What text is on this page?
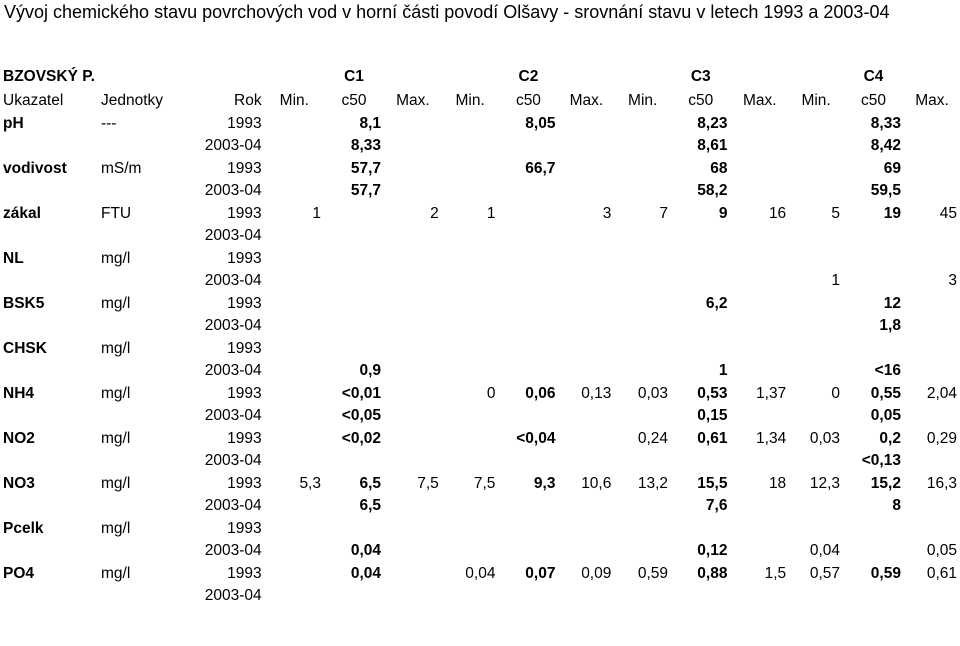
Vývoj chemického stavu povrchových vod v horní části povodí Olšavy - srovnání stavu v letech 1993 a 2003-04
BZOVSKÝ P.				C1			C2			C3			C4	
Ukazatel	Jednotky	Rok	Min.	c50	Max.	Min.	c50	Max.	Min.	c50	Max.	Min.	c50	Max.
pH	---	1993		8,1			8,05			8,23			8,33	
		2003-04		8,33						8,61			8,42	
vodivost	mS/m	1993		57,7			66,7			68			69	
		2003-04		57,7						58,2			59,5	
zákal	FTU	1993	1		2	1		3	7	9	16	5	19	45
		2003-04												
NL	mg/l	1993												
		2003-04										1		3
BSK5	mg/l	1993								6,2			12	
		2003-04											1,8	
CHSK	mg/l	1993												
		2003-04		0,9						1			<16	
NH4	mg/l	1993		<0,01		0	0,06	0,13	0,03	0,53	1,37	0	0,55	2,04
		2003-04		<0,05						0,15			0,05	
NO2	mg/l	1993		<0,02			<0,04		0,24	0,61	1,34	0,03	0,2	0,29
		2003-04											<0,13	
NO3	mg/l	1993	5,3	6,5	7,5	7,5	9,3	10,6	13,2	15,5	18	12,3	15,2	16,3
		2003-04		6,5						7,6			8	
Pcelk	mg/l	1993												
		2003-04		0,04						0,12		0,04		0,05
PO4	mg/l	1993		0,04		0,04	0,07	0,09	0,59	0,88	1,5	0,57	0,59	0,61
		2003-04												
